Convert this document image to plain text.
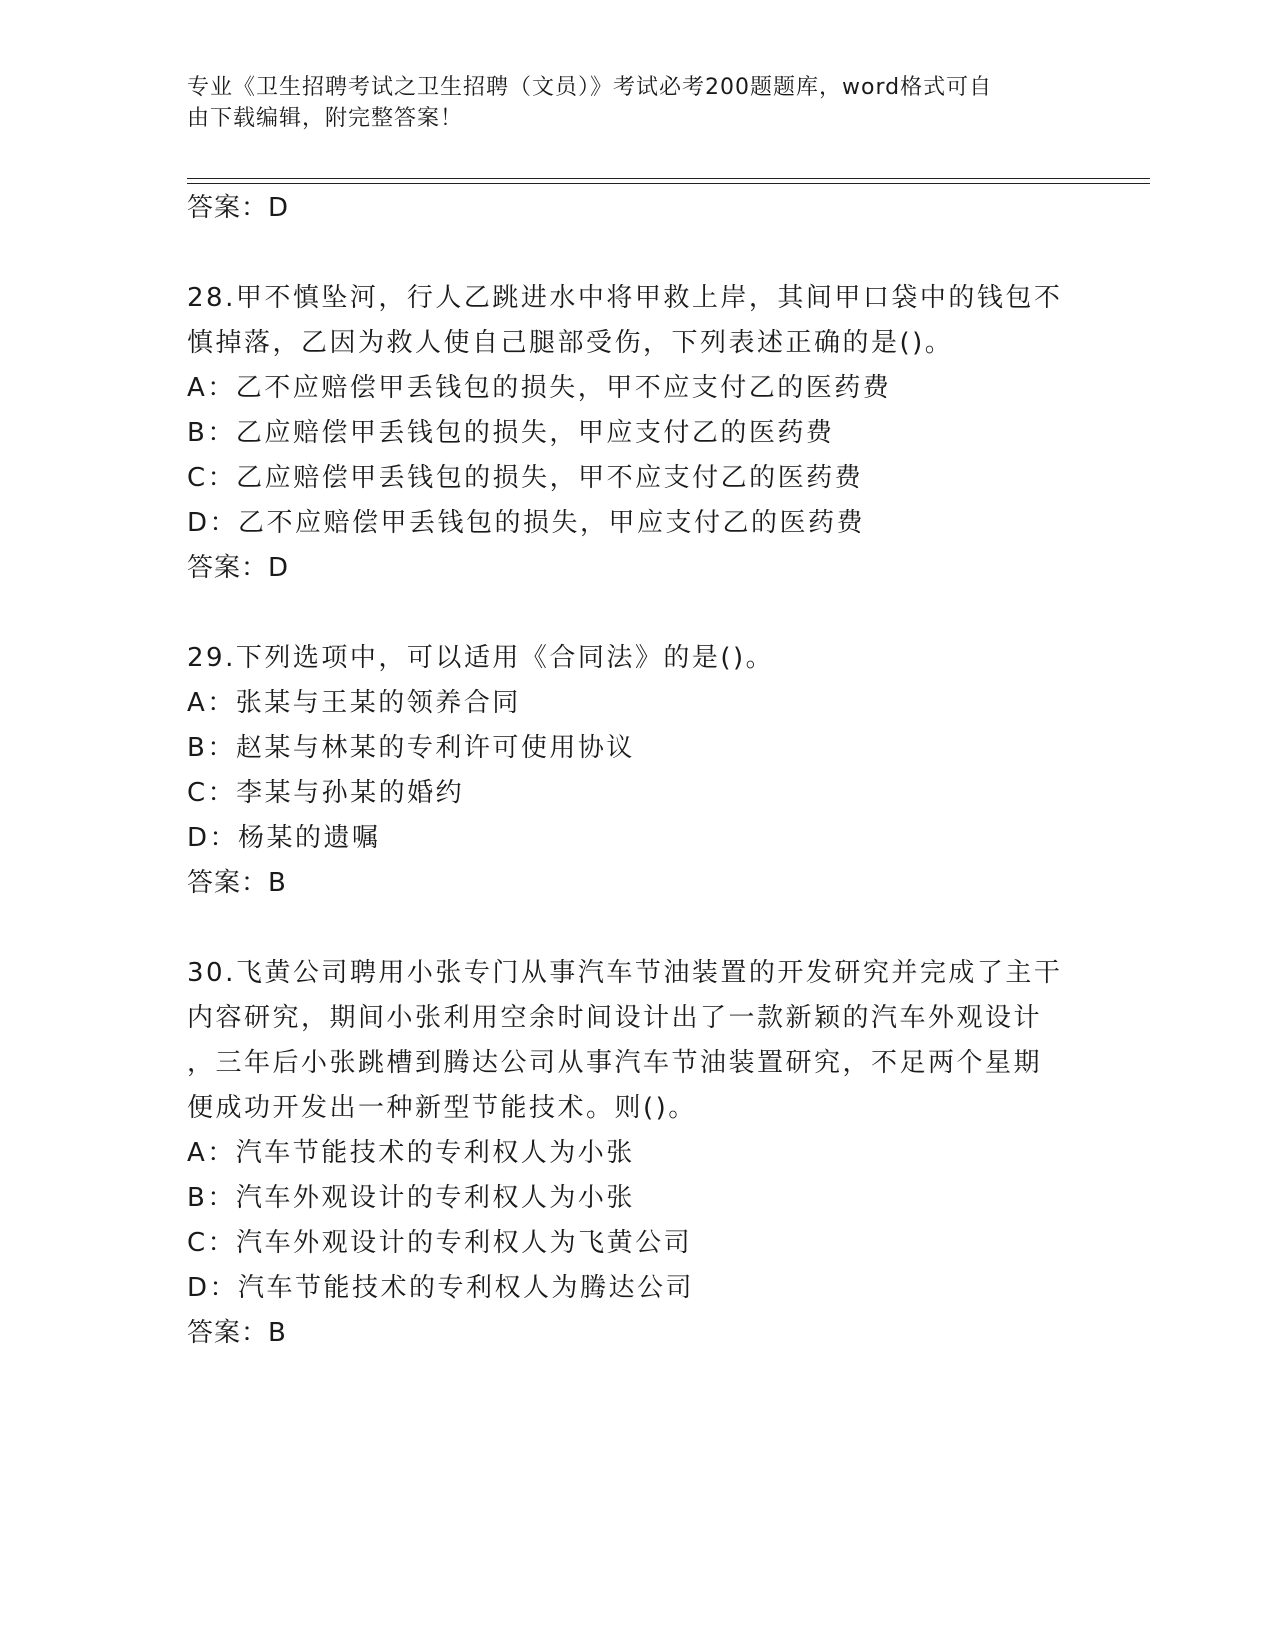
专业《卫生招聘考试之卫生招聘（文员）》考试必考200题题库，word格式可自
由下载编辑，附完整答案！
答案：D
28.甲不慎坠河，行人乙跳进水中将甲救上岸，其间甲口袋中的钱包不
慎掉落，乙因为救人使自己腿部受伤，下列表述正确的是()。
A：乙不应赔偿甲丢钱包的损失，甲不应支付乙的医药费
B：乙应赔偿甲丢钱包的损失，甲应支付乙的医药费
C：乙应赔偿甲丢钱包的损失，甲不应支付乙的医药费
D：乙不应赔偿甲丢钱包的损失，甲应支付乙的医药费
答案：D
29.下列选项中，可以适用《合同法》的是()。
A：张某与王某的领养合同
B：赵某与林某的专利许可使用协议
C：李某与孙某的婚约
D：杨某的遗嘱
答案：B
30.飞黄公司聘用小张专门从事汽车节油装置的开发研究并完成了主干
内容研究，期间小张利用空余时间设计出了一款新颖的汽车外观设计
，三年后小张跳槽到腾达公司从事汽车节油装置研究，不足两个星期
便成功开发出一种新型节能技术。则()。
A：汽车节能技术的专利权人为小张
B：汽车外观设计的专利权人为小张
C：汽车外观设计的专利权人为飞黄公司
D：汽车节能技术的专利权人为腾达公司
答案：B
